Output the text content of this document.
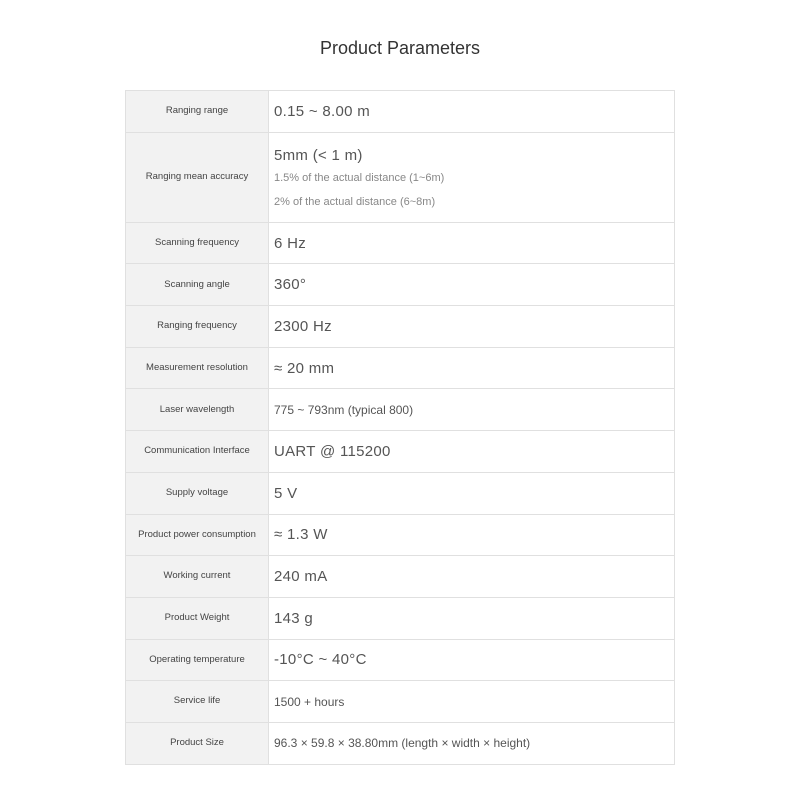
Product Parameters
Ranging range	0.15 ~ 8.00 m
Ranging mean accuracy	5mm (< 1 m)
1.5% of the actual distance (1~6m)
2% of the actual distance (6~8m)

Scanning frequency	6 Hz
Scanning angle	360°
Ranging frequency	2300 Hz
Measurement resolution	≈ 20 mm
Laser wavelength	775 ~ 793nm (typical 800)
Communication Interface	UART @ 115200
Supply voltage	5 V
Product power consumption	≈ 1.3 W
Working current	240 mA
Product Weight	143 g
Operating temperature	-10°C ~ 40°C
Service life	1500 + hours
Product Size	96.3 × 59.8 × 38.80mm (length × width × height)
